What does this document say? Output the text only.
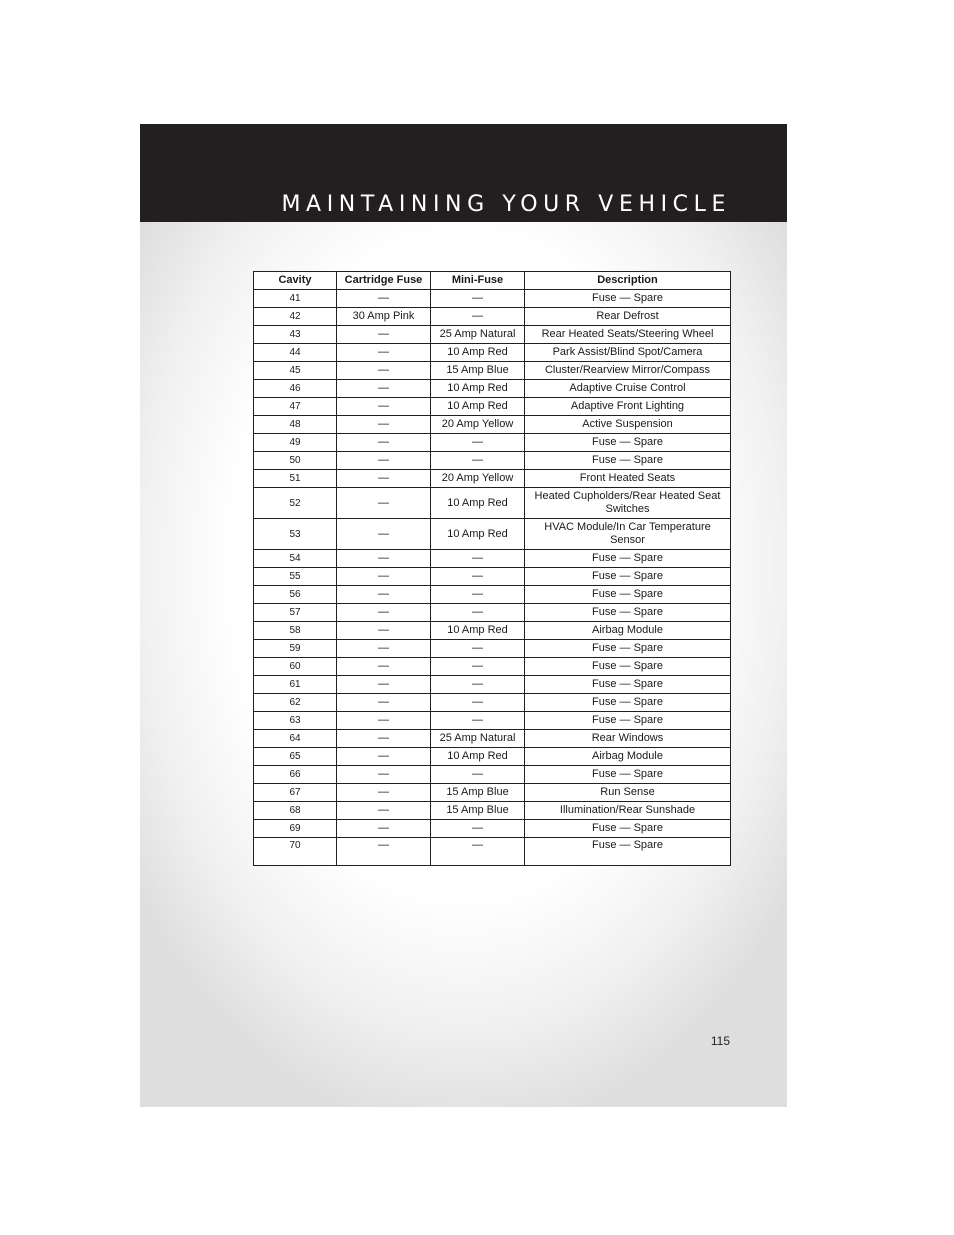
MAINTAINING YOUR VEHICLE
Cavity	Cartridge Fuse	Mini-Fuse	Description
41	—	—	Fuse — Spare
42	30 Amp Pink	—	Rear Defrost
43	—	25 Amp Natural	Rear Heated Seats/Steering Wheel
44	—	10 Amp Red	Park Assist/Blind Spot/Camera
45	—	15 Amp Blue	Cluster/Rearview Mirror/Compass
46	—	10 Amp Red	Adaptive Cruise Control
47	—	10 Amp Red	Adaptive Front Lighting
48	—	20 Amp Yellow	Active Suspension
49	—	—	Fuse — Spare
50	—	—	Fuse — Spare
51	—	20 Amp Yellow	Front Heated Seats
52	—	10 Amp Red	Heated Cupholders/Rear Heated Seat Switches
53	—	10 Amp Red	HVAC Module/In Car Temperature Sensor
54	—	—	Fuse — Spare
55	—	—	Fuse — Spare
56	—	—	Fuse — Spare
57	—	—	Fuse — Spare
58	—	10 Amp Red	Airbag Module
59	—	—	Fuse — Spare
60	—	—	Fuse — Spare
61	—	—	Fuse — Spare
62	—	—	Fuse — Spare
63	—	—	Fuse — Spare
64	—	25 Amp Natural	Rear Windows
65	—	10 Amp Red	Airbag Module
66	—	—	Fuse — Spare
67	—	15 Amp Blue	Run Sense
68	—	15 Amp Blue	Illumination/Rear Sunshade
69	—	—	Fuse — Spare
70	—	—	Fuse — Spare
115
